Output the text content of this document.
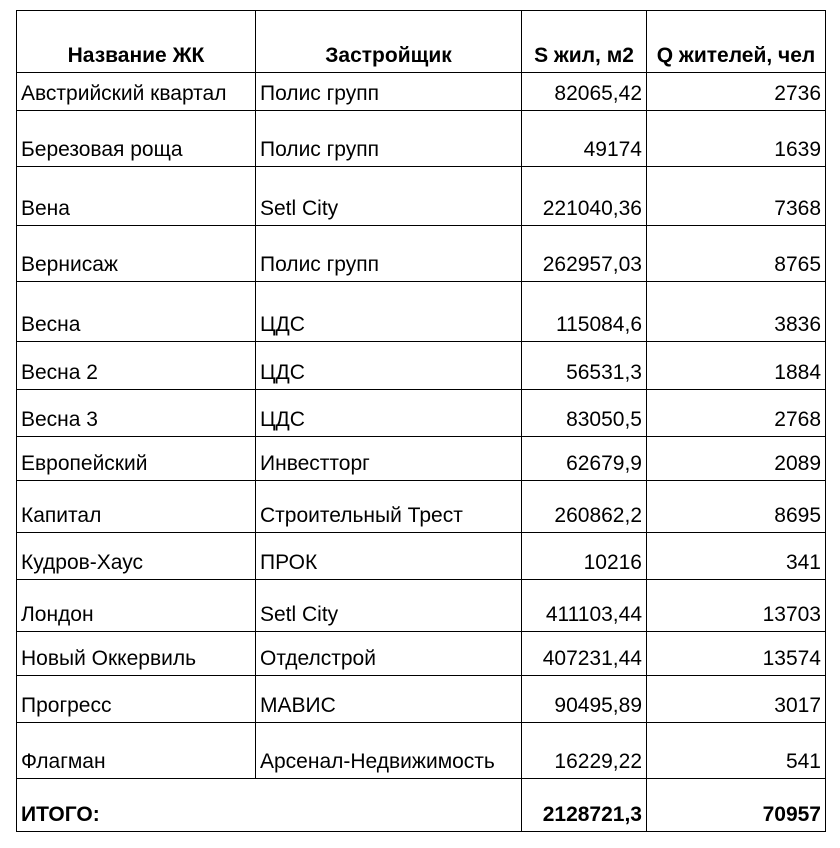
Название ЖК	Застройщик	S жил, м2	Q жителей, чел
Австрийский квартал	Полис групп	82065,42	2736
Березовая роща	Полис групп	49174	1639
Вена	Setl City	221040,36	7368
Вернисаж	Полис групп	262957,03	8765
Весна	ЦДС	115084,6	3836
Весна 2	ЦДС	56531,3	1884
Весна 3	ЦДС	83050,5	2768
Европейский	Инвестторг	62679,9	2089
Капитал	Строительный Трест	260862,2	8695
Кудров-Хаус	ПРОК	10216	341
Лондон	Setl City	411103,44	13703
Новый Оккервиль	Отделстрой	407231,44	13574
Прогресс	МАВИС	90495,89	3017
Флагман	Арсенал-Недвижимость	16229,22	541
ИТОГО:		2128721,3	70957
